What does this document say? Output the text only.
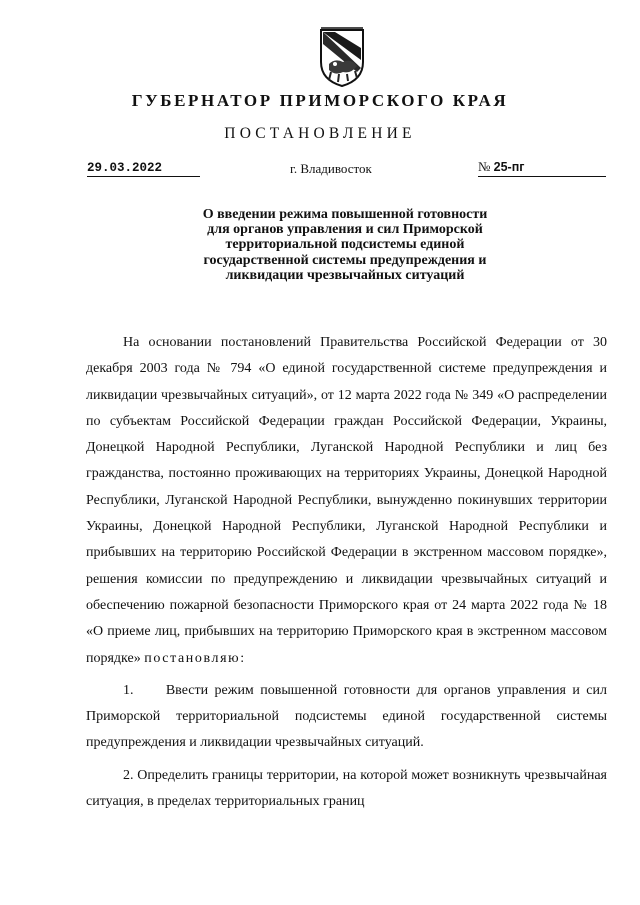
ГУБЕРНАТОР ПРИМОРСКОГО КРАЯ
ПОСТАНОВЛЕНИЕ
29.03.2022	г. Владивосток	№ 25-пг
О введении режима повышенной готовности
для органов управления и сил Приморской
территориальной подсистемы единой
государственной системы предупреждения и
ликвидации чрезвычайных ситуаций

На основании постановлений Правительства Российской Федерации от 30 декабря 2003 года № 794 «О единой государственной системе предупреждения и ликвидации чрезвычайных ситуаций», от 12 марта 2022 года № 349 «О распределении по субъектам Российской Федерации граждан Российской Федерации, Украины, Донецкой Народной Республики, Луганской Народной Республики и лиц без гражданства, постоянно проживающих на территориях Украины, Донецкой Народной Республики, Луганской Народной Республики, вынужденно покинувших территории Украины, Донецкой Народной Республики, Луганской Народной Республики и прибывших на территорию Российской Федерации в экстренном массовом порядке», решения комиссии по предупреждению и ликвидации чрезвычайных ситуаций и обеспечению пожарной безопасности Приморского края от 24 марта 2022 года № 18 «О приеме лиц, прибывших на территорию Приморского края в экстренном массовом порядке» постановляю:

1.     Ввести режим повышенной готовности для органов управления и сил Приморской территориальной подсистемы единой государственной системы предупреждения и ликвидации чрезвычайных ситуаций.

2. Определить границы территории, на которой может возникнуть чрезвычайная ситуация, в пределах территориальных границ
